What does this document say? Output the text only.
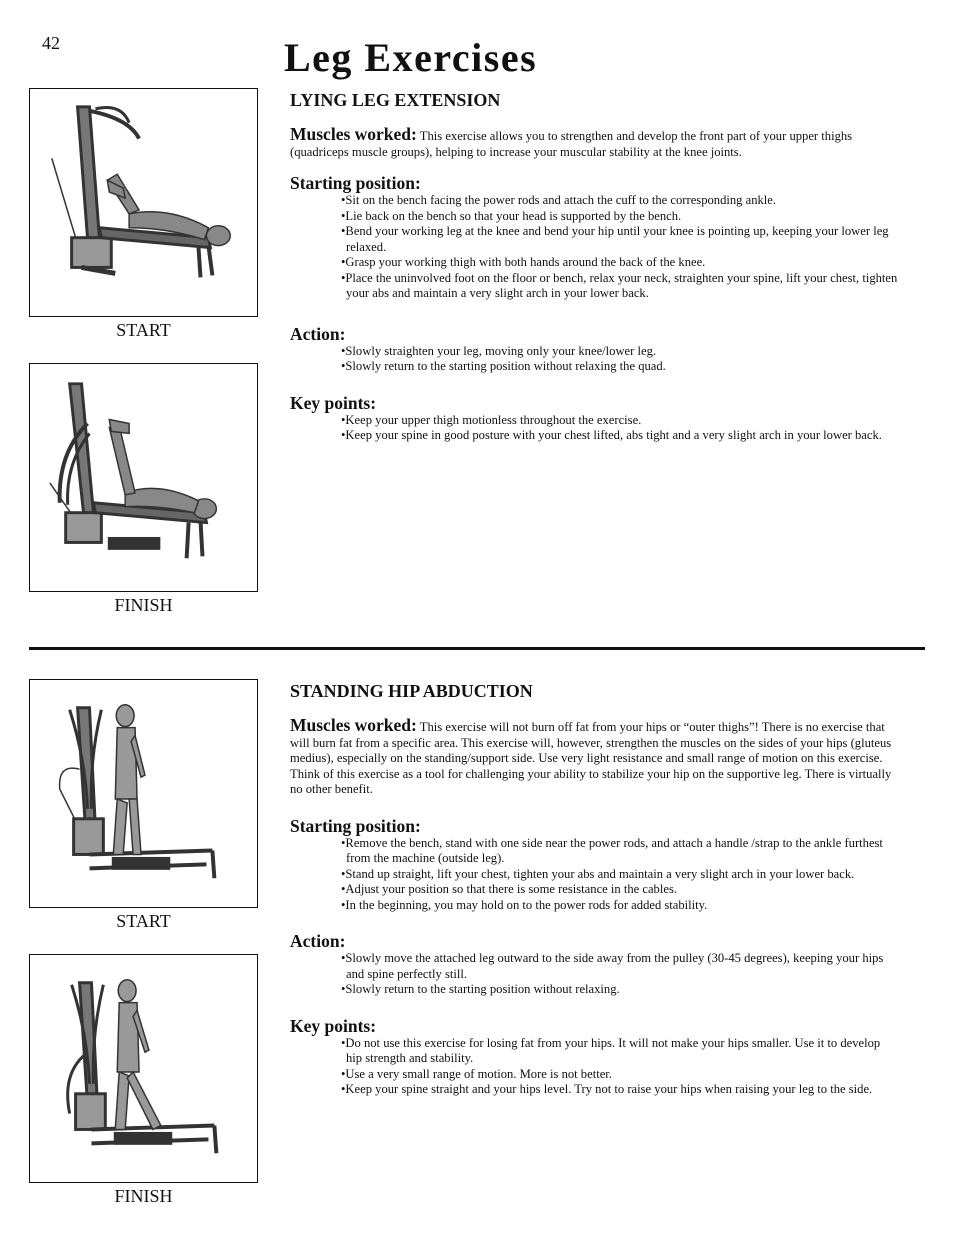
42	Leg Exercises
START
FINISH
LYING LEG EXTENSION

Muscles worked: This exercise allows you to strengthen and develop the front part of your upper thighs (quadriceps muscle groups), helping to increase your muscular stability at the knee joints.

Starting position:
• Sit on the bench facing the power rods and attach the cuff to the corresponding ankle.
• Lie back on the bench so that your head is supported by the bench.
• Bend your working leg at the knee and bend your hip until your knee is pointing up, keeping your lower leg relaxed.
• Grasp your working thigh with both hands around the back of the knee.
• Place the uninvolved foot on the floor or bench, relax your neck, straighten your spine, lift your chest, tighten your abs and maintain a very slight arch in your lower back.
Action:
• Slowly straighten your leg, moving only your knee/lower leg.
• Slowly return to the starting position without relaxing the quad.
Key points:
• Keep your upper thigh motionless throughout the exercise.
• Keep your spine in good posture with your chest lifted, abs tight and a very slight arch in your lower back.
START
FINISH
STANDING HIP ABDUCTION

Muscles worked: This exercise will not burn off fat from your hips or “outer thighs”! There is no exercise that will burn fat from a specific area. This exercise will, however, strengthen the muscles on the sides of your hips (gluteus medius), especially on the standing/support side. Use very light resistance and small range of motion on this exercise. Think of this exercise as a tool for challenging your ability to stabilize your hip on the supportive leg. There is virtually no other benefit.

Starting position:
• Remove the bench, stand with one side near the power rods, and attach a handle /strap to the ankle furthest from the machine (outside leg).
• Stand up straight, lift your chest, tighten your abs and maintain a very slight arch in your lower back.
• Adjust your position so that there is some resistance in the cables.
• In the beginning, you may hold on to the power rods for added stability.
Action:
• Slowly move the attached leg outward to the side away from the pulley (30-45 degrees), keeping your hips and spine perfectly still.
• Slowly return to the starting position without relaxing.
Key points:
• Do not use this exercise for losing fat from your hips. It will not make your hips smaller. Use it to develop hip strength and stability.
• Use a very small range of motion. More is not better.
• Keep your spine straight and your hips level. Try not to raise your hips when raising your leg to the side.
